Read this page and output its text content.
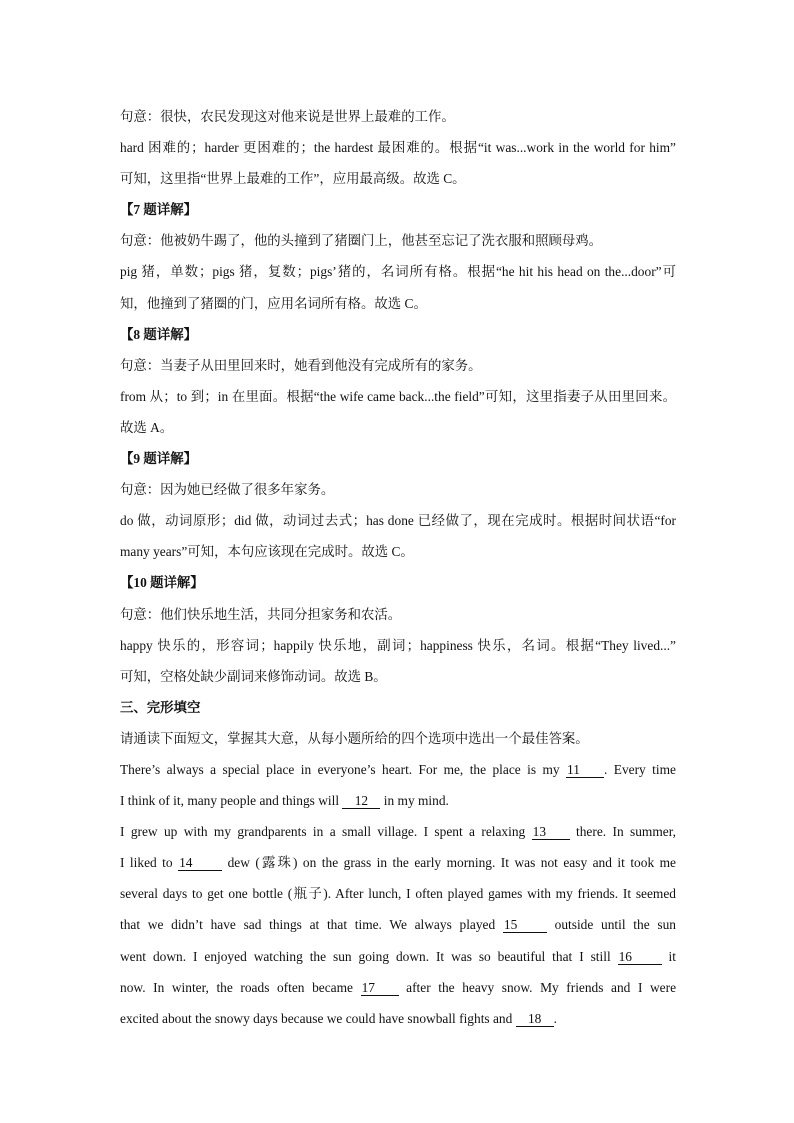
句意：很快，农民发现这对他来说是世界上最难的工作。
hard 困难的；harder 更困难的；the hardest 最困难的。根据“it was...work in the world for him”
可知，这里指“世界上最难的工作”，应用最高级。故选 C。
【7 题详解】
句意：他被奶牛踢了，他的头撞到了猪圈门上，他甚至忘记了洗衣服和照顾母鸡。
pig 猪，单数；pigs 猪，复数；pigs’猪的，名词所有格。根据“he hit his head on the...door”可
知，他撞到了猪圈的门，应用名词所有格。故选 C。
【8 题详解】
句意：当妻子从田里回来时，她看到他没有完成所有的家务。
from 从；to 到；in 在里面。根据“the wife came back...the field”可知，这里指妻子从田里回来。
故选 A。
【9 题详解】
句意：因为她已经做了很多年家务。
do 做，动词原形；did 做，动词过去式；has done 已经做了，现在完成时。根据时间状语“for
many years”可知，本句应该现在完成时。故选 C。
【10 题详解】
句意：他们快乐地生活，共同分担家务和农活。
happy 快乐的，形容词；happily 快乐地，副词；happiness 快乐，名词。根据“They lived...”
可知，空格处缺少副词来修饰动词。故选 B。
三、完形填空
请通读下面短文，掌握其大意，从每小题所给的四个选项中选出一个最佳答案。
There’s always a special place in everyone’s heart. For me, the place is my 11 . Every time
I think of it, many people and things will 12 in my mind.
I grew up with my grandparents in a small village. I spent a relaxing 13 there. In summer,
I liked to 14	dew (露珠) on the grass in the early morning. It was not easy and it took me
several days to get one bottle (瓶子). After lunch, I often played games with my friends. It seemed
that we didn’t have sad things at that time. We always played 15	outside until the sun
went down. I enjoyed watching the sun going down. It was so beautiful that I still 16	it
now. In winter, the roads often became 17 after the heavy snow. My friends and I were
excited about the snowy days because we could have snowball fights and 18 .
